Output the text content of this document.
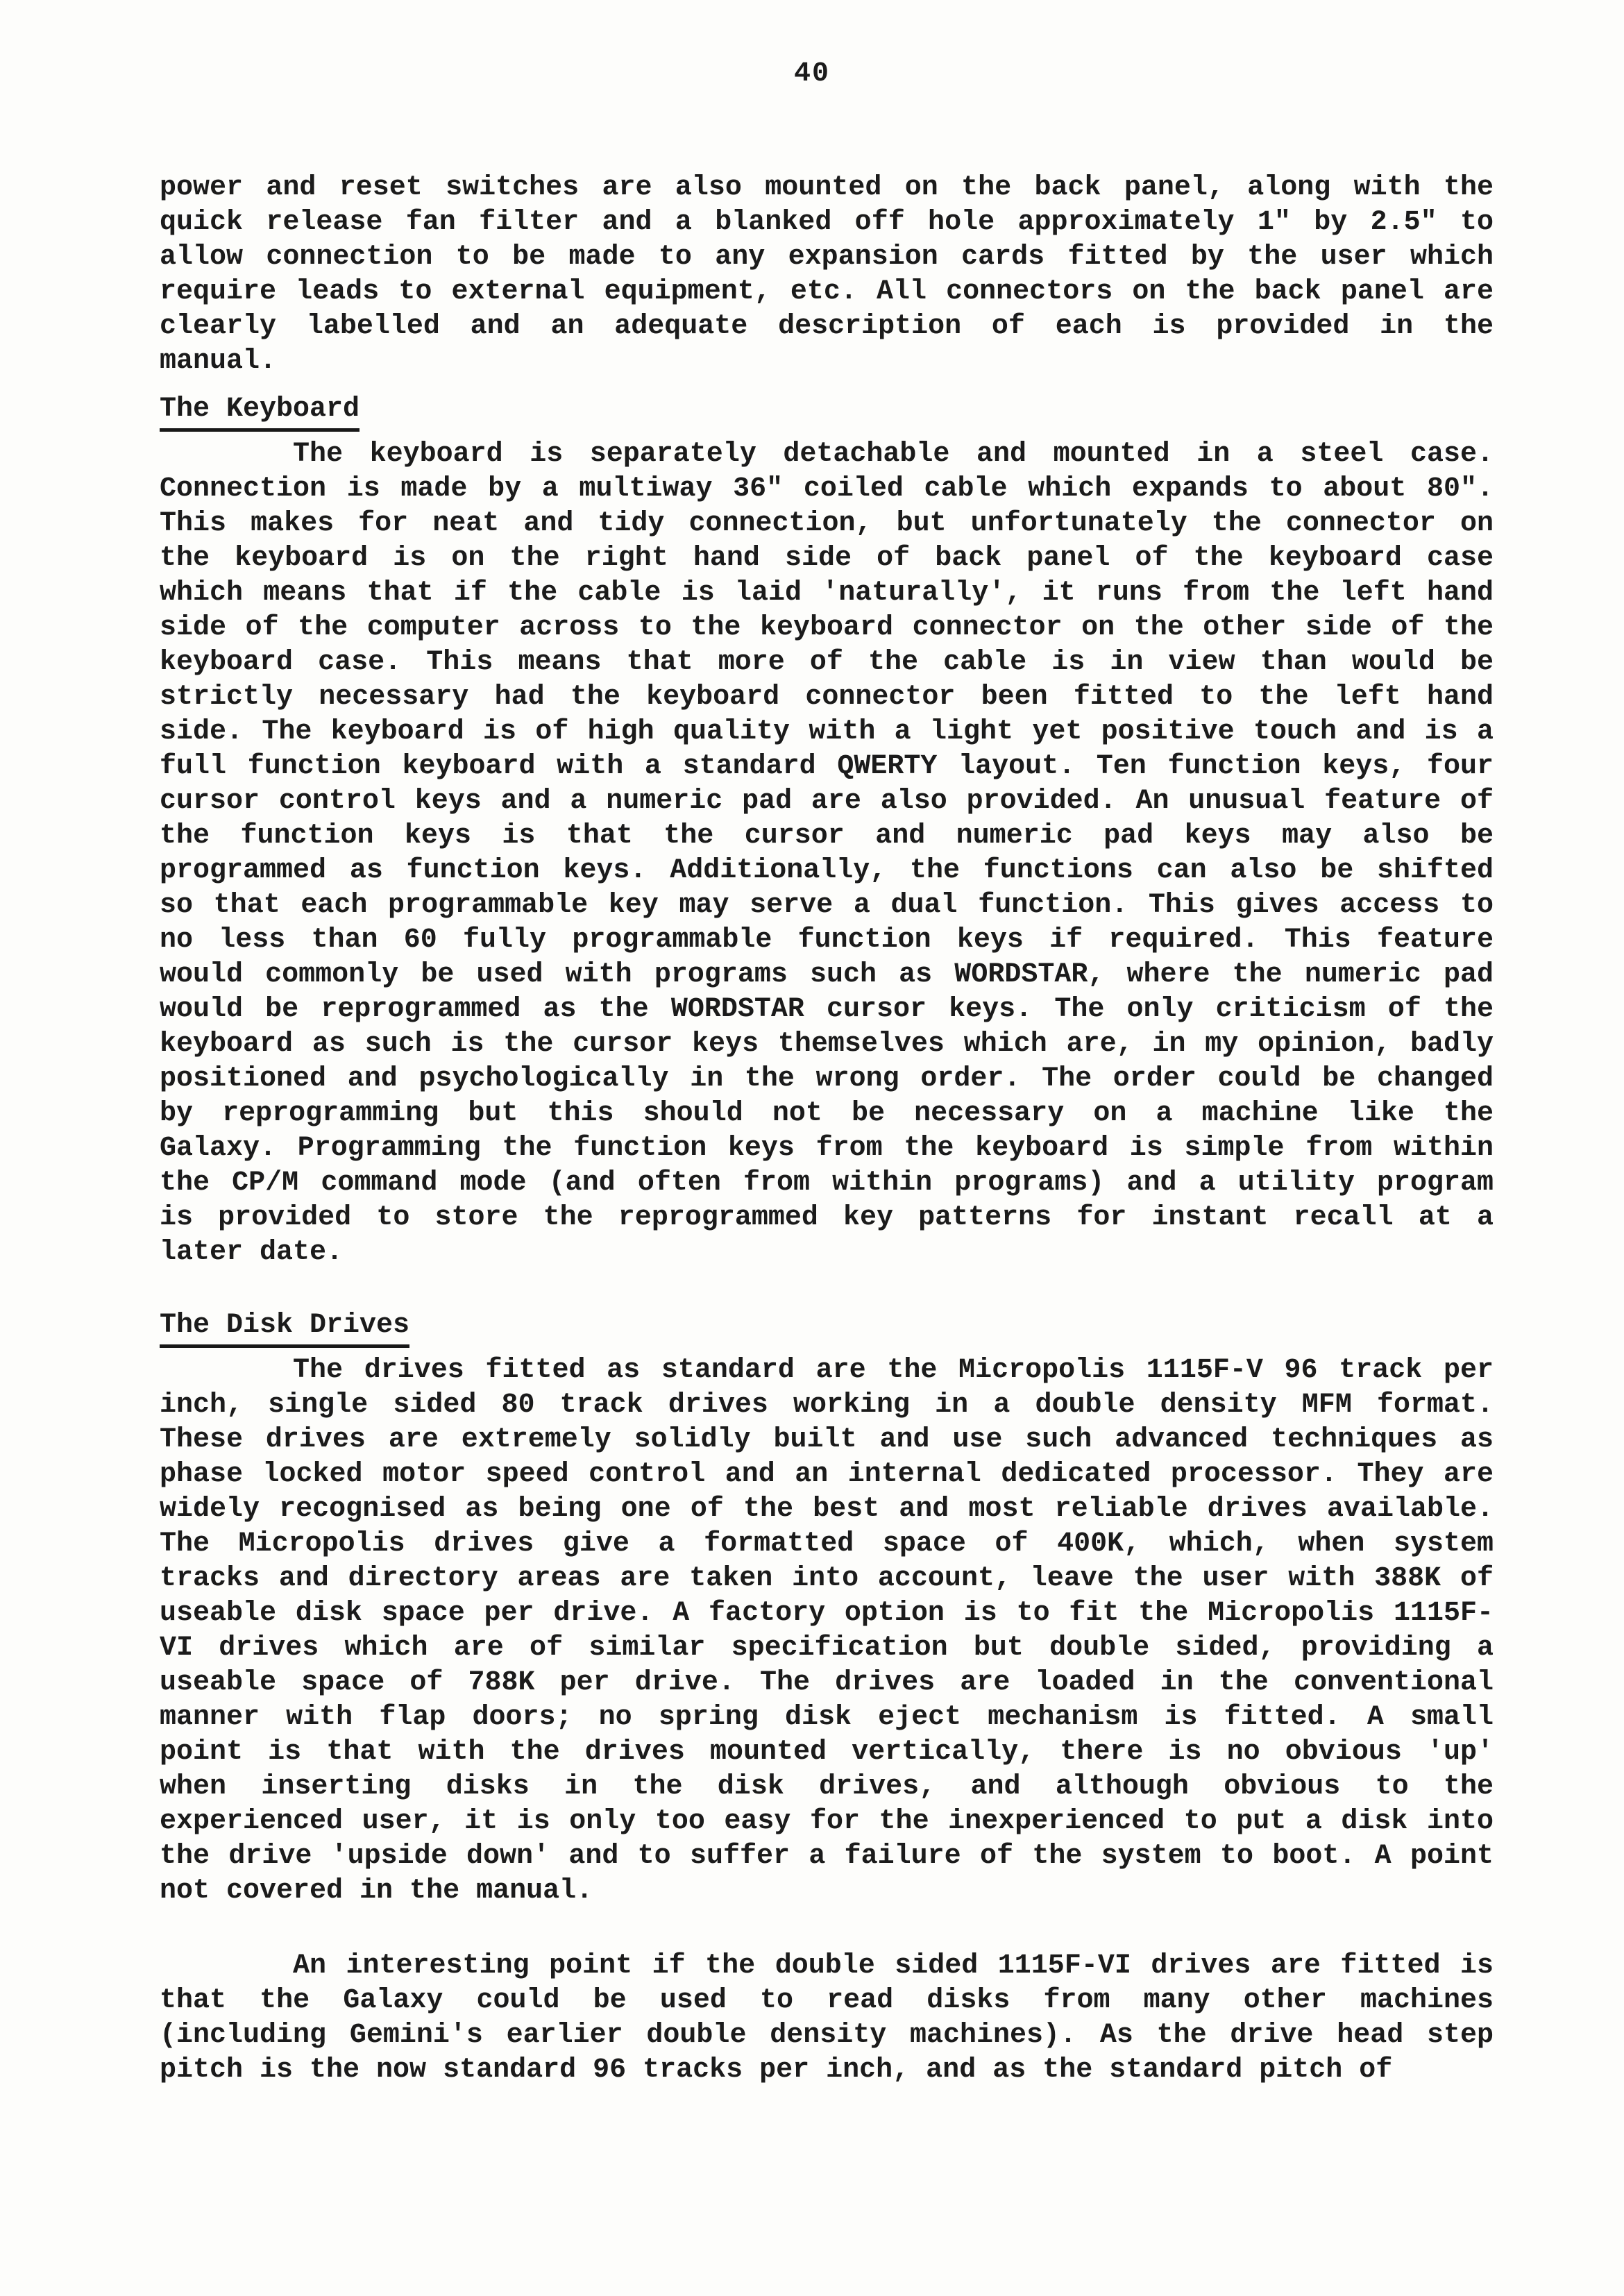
40
power and reset switches are also mounted on the back panel, along with the
quick release fan filter and a blanked off hole approximately 1" by 2.5" to
allow connection to be made to any expansion cards fitted by the user which
require leads to external equipment, etc. All connectors on the back panel are
clearly labelled and an adequate description of each is provided in the
manual.
The Keyboard
The keyboard is separately detachable and mounted in a steel case.
Connection is made by a multiway 36" coiled cable which expands to about 80".
This makes for neat and tidy connection, but unfortunately the connector on
the keyboard is on the right hand side of back panel of the keyboard case
which means that if the cable is laid 'naturally', it runs from the left hand
side of the computer across to the keyboard connector on the other side of the
keyboard case. This means that more of the cable is in view than would be
strictly necessary had the keyboard connector been fitted to the left hand
side. The keyboard is of high quality with a light yet positive touch and is a
full function keyboard with a standard QWERTY layout. Ten function keys, four
cursor control keys and a numeric pad are also provided. An unusual feature of
the function keys is that the cursor and numeric pad keys may also be
programmed as function keys. Additionally, the functions can also be shifted
so that each programmable key may serve a dual function. This gives access to
no less than 60 fully programmable function keys if required. This feature
would commonly be used with programs such as WORDSTAR, where the numeric pad
would be reprogrammed as the WORDSTAR cursor keys. The only criticism of the
keyboard as such is the cursor keys themselves which are, in my opinion, badly
positioned and psychologically in the wrong order. The order could be changed
by reprogramming but this should not be necessary on a machine like the
Galaxy. Programming the function keys from the keyboard is simple from within
the CP/M command mode (and often from within programs) and a utility program
is provided to store the reprogrammed key patterns for instant recall at a
later date.
The Disk Drives
The drives fitted as standard are the Micropolis 1115F-V 96 track per
inch, single sided 80 track drives working in a double density MFM format.
These drives are extremely solidly built and use such advanced techniques as
phase locked motor speed control and an internal dedicated processor. They are
widely recognised as being one of the best and most reliable drives available.
The Micropolis drives give a formatted space of 400K, which, when system
tracks and directory areas are taken into account, leave the user with 388K of
useable disk space per drive. A factory option is to fit the Micropolis 1115F-
VI drives which are of similar specification but double sided, providing a
useable space of 788K per drive. The drives are loaded in the conventional
manner with flap doors; no spring disk eject mechanism is fitted. A small
point is that with the drives mounted vertically, there is no obvious 'up'
when inserting disks in the disk drives, and although obvious to the
experienced user, it is only too easy for the inexperienced to put a disk into
the drive 'upside down' and to suffer a failure of the system to boot. A point
not covered in the manual.
An interesting point if the double sided 1115F-VI drives are fitted is
that the Galaxy could be used to read disks from many other machines
(including Gemini's earlier double density machines). As the drive head step
pitch is the now standard 96 tracks per inch, and as the standard pitch of
